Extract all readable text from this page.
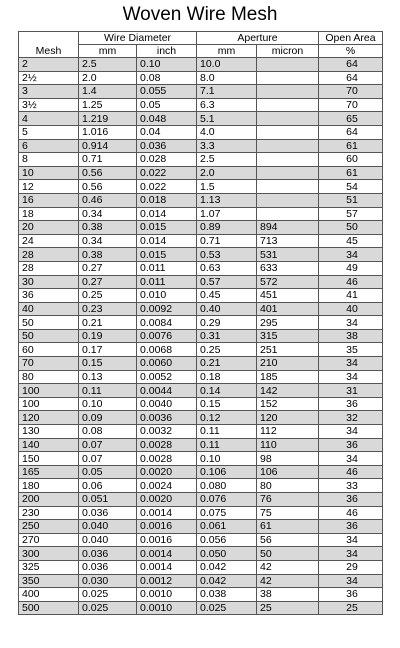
Woven Wire Mesh
	Wire Diameter		Aperture		Open Area
Mesh	mm	inch	mm	micron	%
2	2.5	0.10	10.0		64
2½	2.0	0.08	8.0		64
3	1.4	0.055	7.1		70
3½	1.25	0.05	6.3		70
4	1.219	0.048	5.1		65
5	1.016	0.04	4.0		64
6	0.914	0.036	3.3		61
8	0.71	0.028	2.5		60
10	0.56	0.022	2.0		61
12	0.56	0.022	1.5		54
16	0.46	0.018	1.13		51
18	0.34	0.014	1.07		57
20	0.38	0.015	0.89	894	50
24	0.34	0.014	0.71	713	45
28	0.38	0.015	0.53	531	34
28	0.27	0.011	0.63	633	49
30	0.27	0.011	0.57	572	46
36	0.25	0.010	0.45	451	41
40	0.23	0.0092	0.40	401	40
50	0.21	0.0084	0.29	295	34
50	0.19	0.0076	0.31	315	38
60	0.17	0.0068	0.25	251	35
70	0.15	0.0060	0.21	210	34
80	0.13	0.0052	0.18	185	34
100	0.11	0.0044	0.14	142	31
100	0.10	0.0040	0.15	152	36
120	0.09	0.0036	0.12	120	32
130	0.08	0.0032	0.11	112	34
140	0.07	0.0028	0.11	110	36
150	0.07	0.0028	0.10	98	34
165	0.05	0.0020	0.106	106	46
180	0.06	0.0024	0.080	80	33
200	0.051	0.0020	0.076	76	36
230	0.036	0.0014	0.075	75	46
250	0.040	0.0016	0.061	61	36
270	0.040	0.0016	0.056	56	34
300	0.036	0.0014	0.050	50	34
325	0.036	0.0014	0.042	42	29
350	0.030	0.0012	0.042	42	34
400	0.025	0.0010	0.038	38	36
500	0.025	0.0010	0.025	25	25
